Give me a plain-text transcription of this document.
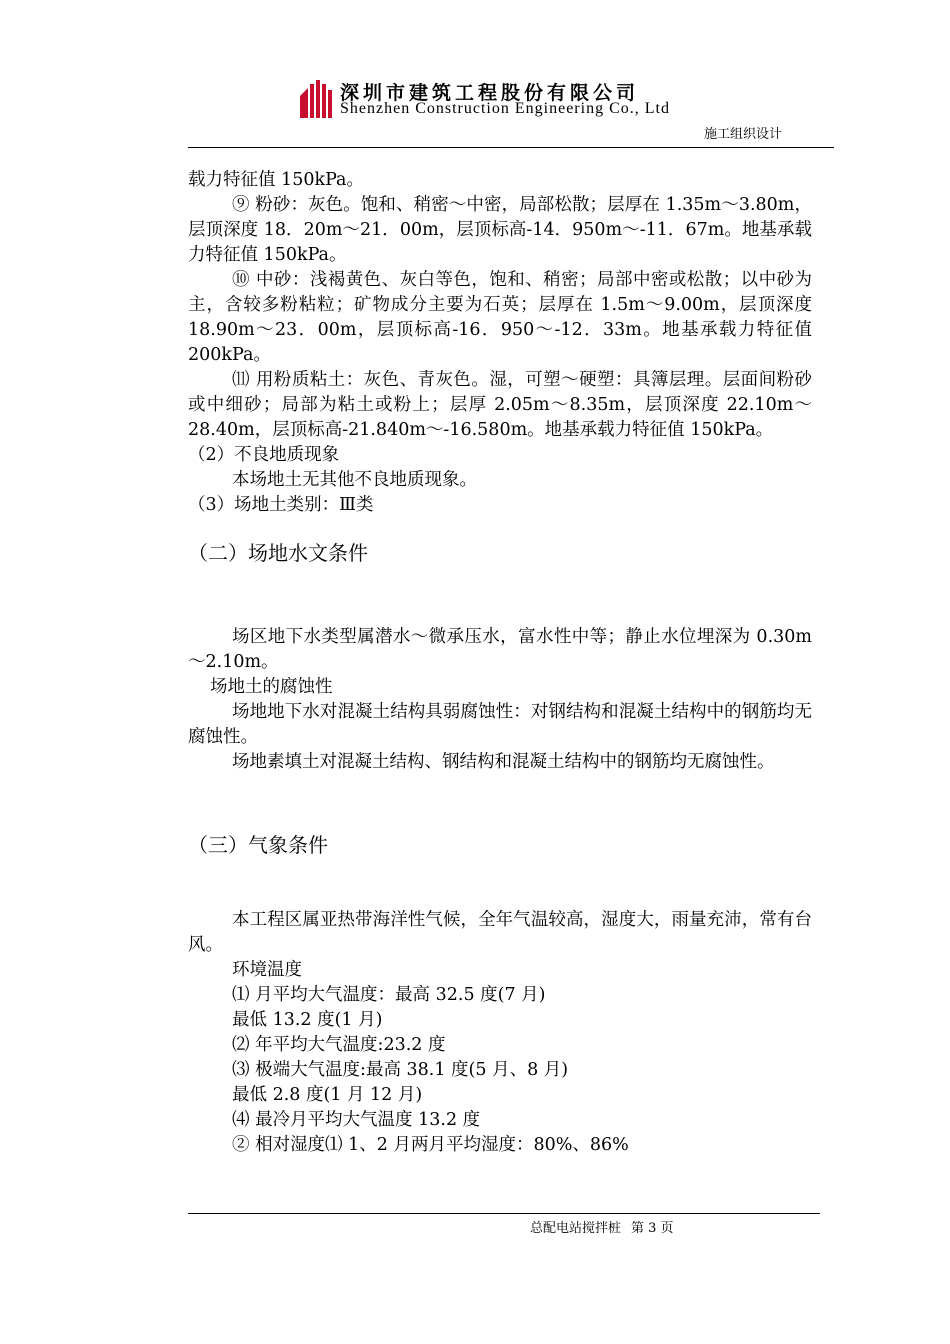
深圳市建筑工程股份有限公司
Shenzhen Construction Engineering Co., Ltd
施工组织设计

载力特征值 150kPa。

⑨ 粉砂：灰色。饱和、稍密～中密，局部松散；层厚在 1.35m～3.80m，层顶深度 18．20m～21．00m，层顶标高-14．950m～-11．67m。地基承载力特征值 150kPa。

⑩ 中砂：浅褐黄色、灰白等色，饱和、稍密；局部中密或松散；以中砂为主，含较多粉粘粒；矿物成分主要为石英；层厚在 1.5m～9.00m，层顶深度 18.90m～23．00m，层顶标高-16．950～-12．33m。地基承载力特征值 200kPa。

⑾ 用粉质粘土：灰色、青灰色。湿，可塑～硬塑：具簿层理。层面间粉砂或中细砂；局部为粘土或粉上；层厚 2.05m～8.35m，层顶深度 22.10m～28.40m，层顶标高-21.840m～-16.580m。地基承载力特征值 150kPa。

（2）不良地质现象

本场地土无其他不良地质现象。

（3）场地土类别：Ⅲ类

（二）场地水文条件

场区地下水类型属潜水～微承压水，富水性中等；静止水位埋深为 0.30m～2.10m。

场地土的腐蚀性

场地地下水对混凝土结构具弱腐蚀性：对钢结构和混凝土结构中的钢筋均无腐蚀性。

场地素填土对混凝土结构、钢结构和混凝土结构中的钢筋均无腐蚀性。

（三）气象条件

本工程区属亚热带海洋性气候，全年气温较高，湿度大，雨量充沛，常有台风。

环境温度

⑴ 月平均大气温度：最高 32.5 度(7 月)

最低 13.2 度(1 月)

⑵ 年平均大气温度:23.2 度

⑶ 极端大气温度:最高 38.1 度(5 月、8 月)

最低 2.8 度(1 月 12 月)

⑷ 最冷月平均大气温度 13.2 度

② 相对湿度⑴ 1、2 月两月平均湿度：80%、86%

总配电站搅拌桩 第 3 页
